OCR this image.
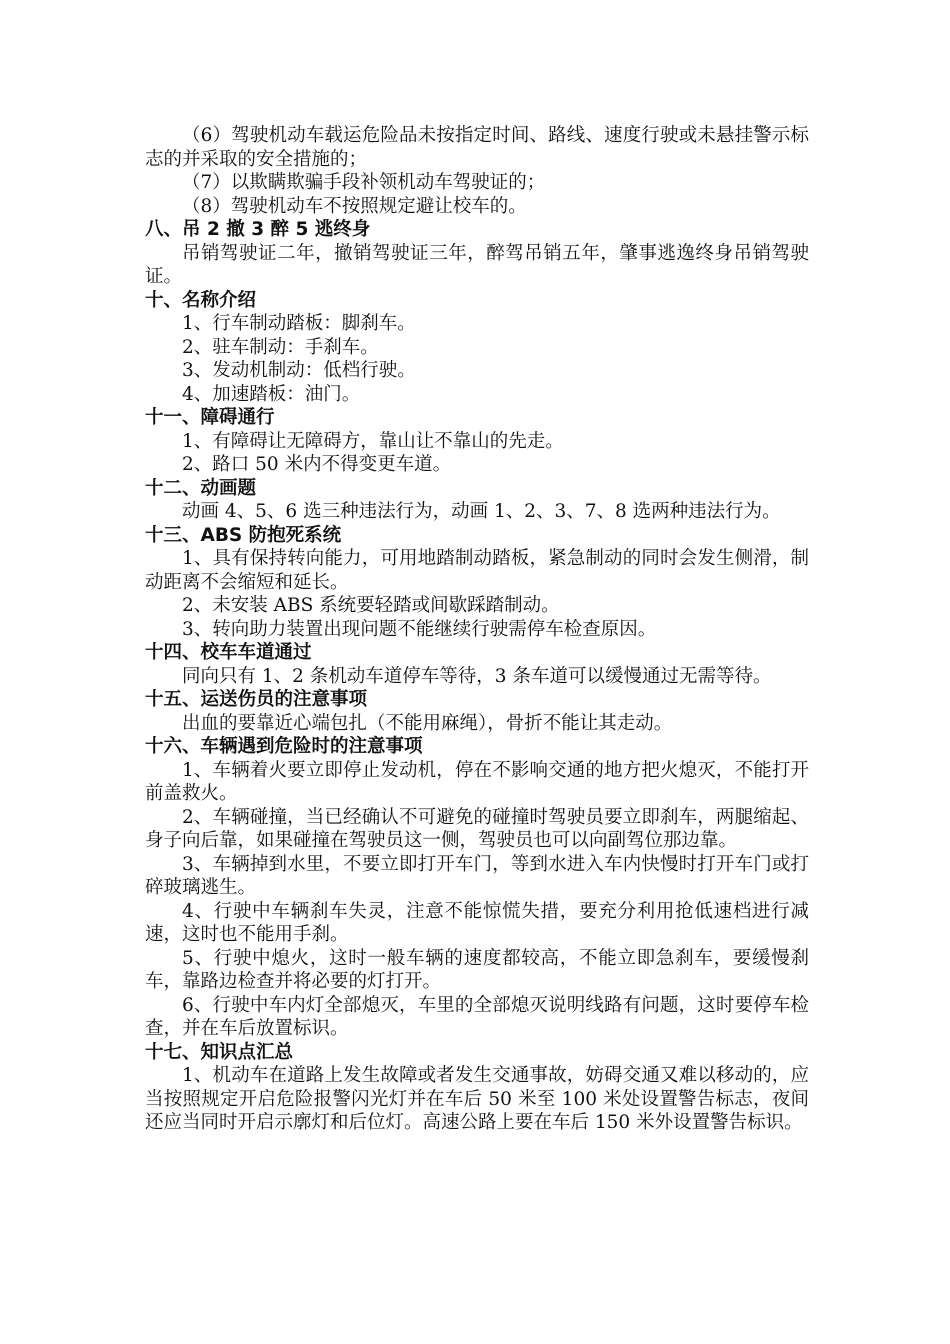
（6）驾驶机动车载运危险品未按指定时间、路线、速度行驶或未悬挂警示标志的并采取的安全措施的；

（7）以欺瞒欺骗手段补领机动车驾驶证的；

（8）驾驶机动车不按照规定避让校车的。

八、吊 2 撤 3 醉 5 逃终身

吊销驾驶证二年，撤销驾驶证三年，醉驾吊销五年，肇事逃逸终身吊销驾驶证。

十、名称介绍

1、行车制动踏板：脚刹车。

2、驻车制动：手刹车。

3、发动机制动：低档行驶。

4、加速踏板：油门。

十一、障碍通行

1、有障碍让无障碍方，靠山让不靠山的先走。

2、路口 50 米内不得变更车道。

十二、动画题

动画 4、5、6 选三种违法行为，动画 1、2、3、7、8 选两种违法行为。

十三、ABS 防抱死系统

1、具有保持转向能力，可用地踏制动踏板，紧急制动的同时会发生侧滑，制动距离不会缩短和延长。

2、未安装 ABS 系统要轻踏或间歇踩踏制动。

3、转向助力装置出现问题不能继续行驶需停车检查原因。

十四、校车车道通过

同向只有 1、2 条机动车道停车等待，3 条车道可以缓慢通过无需等待。

十五、运送伤员的注意事项

出血的要靠近心端包扎（不能用麻绳），骨折不能让其走动。

十六、车辆遇到危险时的注意事项

1、车辆着火要立即停止发动机，停在不影响交通的地方把火熄灭，不能打开前盖救火。

2、车辆碰撞，当已经确认不可避免的碰撞时驾驶员要立即刹车，两腿缩起、身子向后靠，如果碰撞在驾驶员这一侧，驾驶员也可以向副驾位那边靠。

3、车辆掉到水里，不要立即打开车门，等到水进入车内快慢时打开车门或打碎玻璃逃生。

4、行驶中车辆刹车失灵，注意不能惊慌失措，要充分利用抢低速档进行减速，这时也不能用手刹。

5、行驶中熄火，这时一般车辆的速度都较高，不能立即急刹车，要缓慢刹车，靠路边检查并将必要的灯打开。

6、行驶中车内灯全部熄灭，车里的全部熄灭说明线路有问题，这时要停车检查，并在车后放置标识。

十七、知识点汇总

1、机动车在道路上发生故障或者发生交通事故，妨碍交通又难以移动的，应当按照规定开启危险报警闪光灯并在车后 50 米至 100 米处设置警告标志，夜间还应当同时开启示廓灯和后位灯。高速公路上要在车后 150 米外设置警告标识。
